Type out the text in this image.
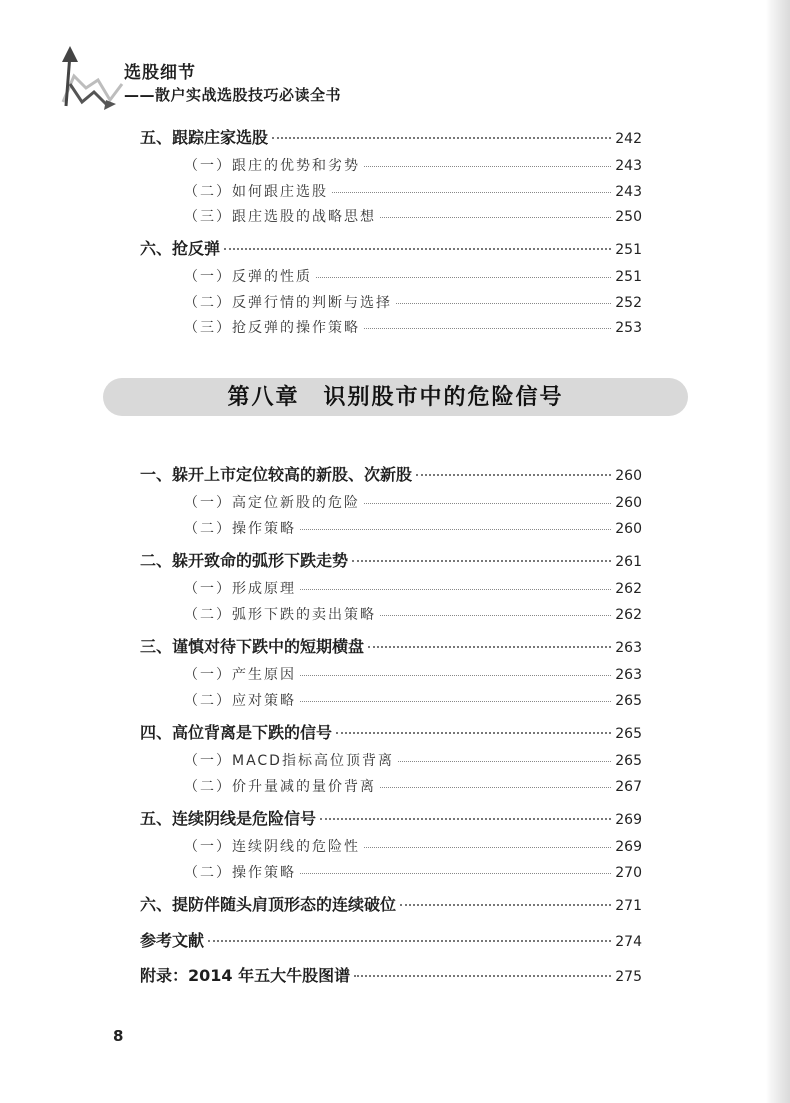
选股细节
——散户实战选股技巧必读全书
五、跟踪庄家选股	242
（一）跟庄的优势和劣势	243
（二）如何跟庄选股	243
（三）跟庄选股的战略思想	250
六、抢反弹	251
（一）反弹的性质	251
（二）反弹行情的判断与选择	252
（三）抢反弹的操作策略	253
第八章　识别股市中的危险信号
一、躲开上市定位较高的新股、次新股	260
（一）高定位新股的危险	260
（二）操作策略	260
二、躲开致命的弧形下跌走势	261
（一）形成原理	262
（二）弧形下跌的卖出策略	262
三、谨慎对待下跌中的短期横盘	263
（一）产生原因	263
（二）应对策略	265
四、高位背离是下跌的信号	265
（一）MACD指标高位顶背离	265
（二）价升量减的量价背离	267
五、连续阴线是危险信号	269
（一）连续阴线的危险性	269
（二）操作策略	270
六、提防伴随头肩顶形态的连续破位	271
参考文献	274
附录：2014 年五大牛股图谱	275
8
